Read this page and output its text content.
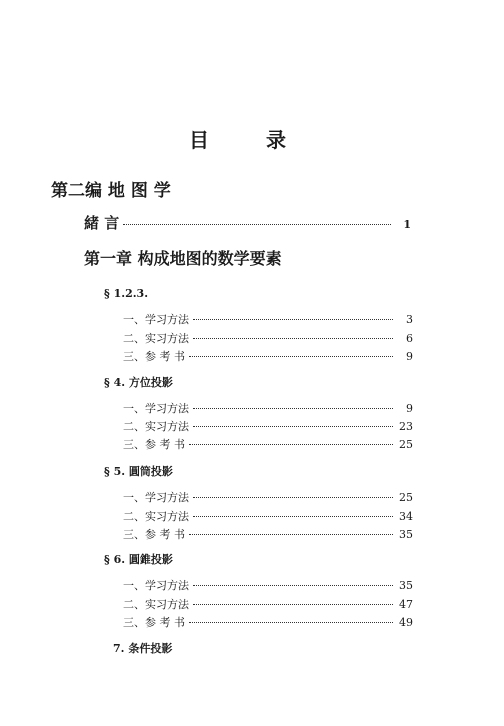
目	录
第二编 地 图 学
緒 言	1
第一章 构成地图的数学要素
§ 1.2.3.
一、学习方法	3
二、实习方法	6
三、参 考 书	9
§ 4. 方位投影
一、学习方法	9
二、实习方法	23
三、参 考 书	25
§ 5. 圓筒投影
一、学习方法	25
二、实习方法	34
三、参 考 书	35
§ 6. 圓錐投影
一、学习方法	35
二、实习方法	47
三、参 考 书	49
7. 条件投影
